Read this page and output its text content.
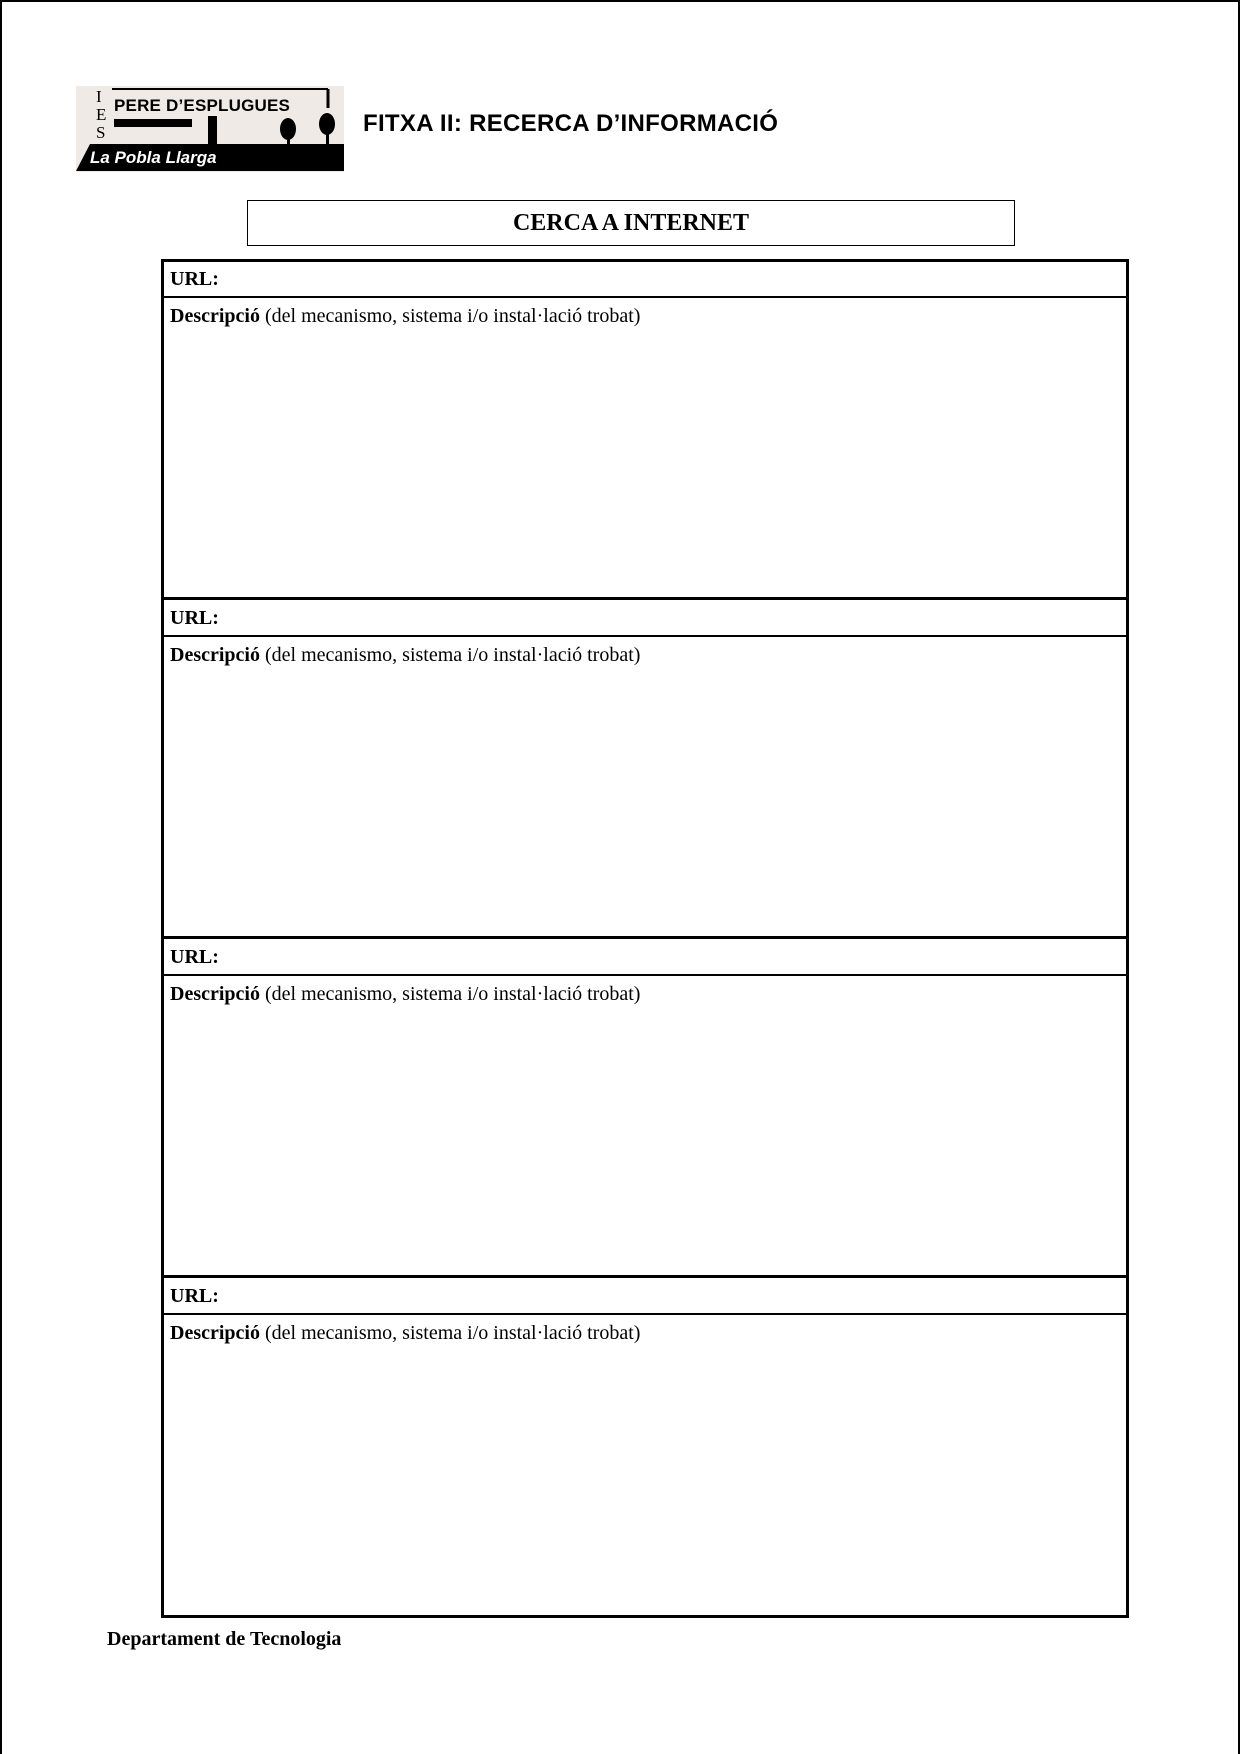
I
E
S
PERE D’ESPLUGUES
La Pobla Llarga
FITXA II: RECERCA D’INFORMACIÓ
CERCA A INTERNET
URL:
Descripció (del mecanismo, sistema i/o instal·lació trobat)
URL:
Descripció (del mecanismo, sistema i/o instal·lació trobat)
URL:
Descripció (del mecanismo, sistema i/o instal·lació trobat)
URL:
Descripció (del mecanismo, sistema i/o instal·lació trobat)
Departament de Tecnologia
